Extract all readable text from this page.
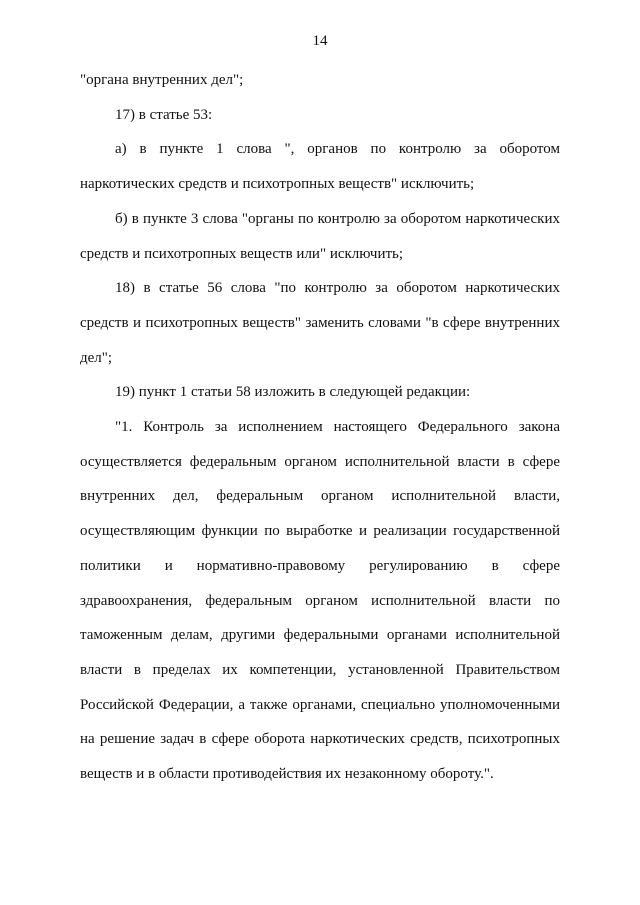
14

"органа внутренних дел";

17) в статье 53:

а) в пункте 1 слова ", органов по контролю за оборотом наркотических средств и психотропных веществ" исключить;

б) в пункте 3 слова "органы по контролю за оборотом наркотических средств и психотропных веществ или" исключить;

18) в статье 56 слова "по контролю за оборотом наркотических средств и психотропных веществ" заменить словами "в сфере внутренних дел";

19) пункт 1 статьи 58 изложить в следующей редакции:

"1. Контроль за исполнением настоящего Федерального закона осуществляется федеральным органом исполнительной власти в сфере внутренних дел, федеральным органом исполнительной власти, осуществляющим функции по выработке и реализации государственной политики и нормативно-правовому регулированию в сфере здравоохранения, федеральным органом исполнительной власти по таможенным делам, другими федеральными органами исполнительной власти в пределах их компетенции, установленной Правительством Российской Федерации, а также органами, специально уполномоченными на решение задач в сфере оборота наркотических средств, психотропных веществ и в области противодействия их незаконному обороту.".
